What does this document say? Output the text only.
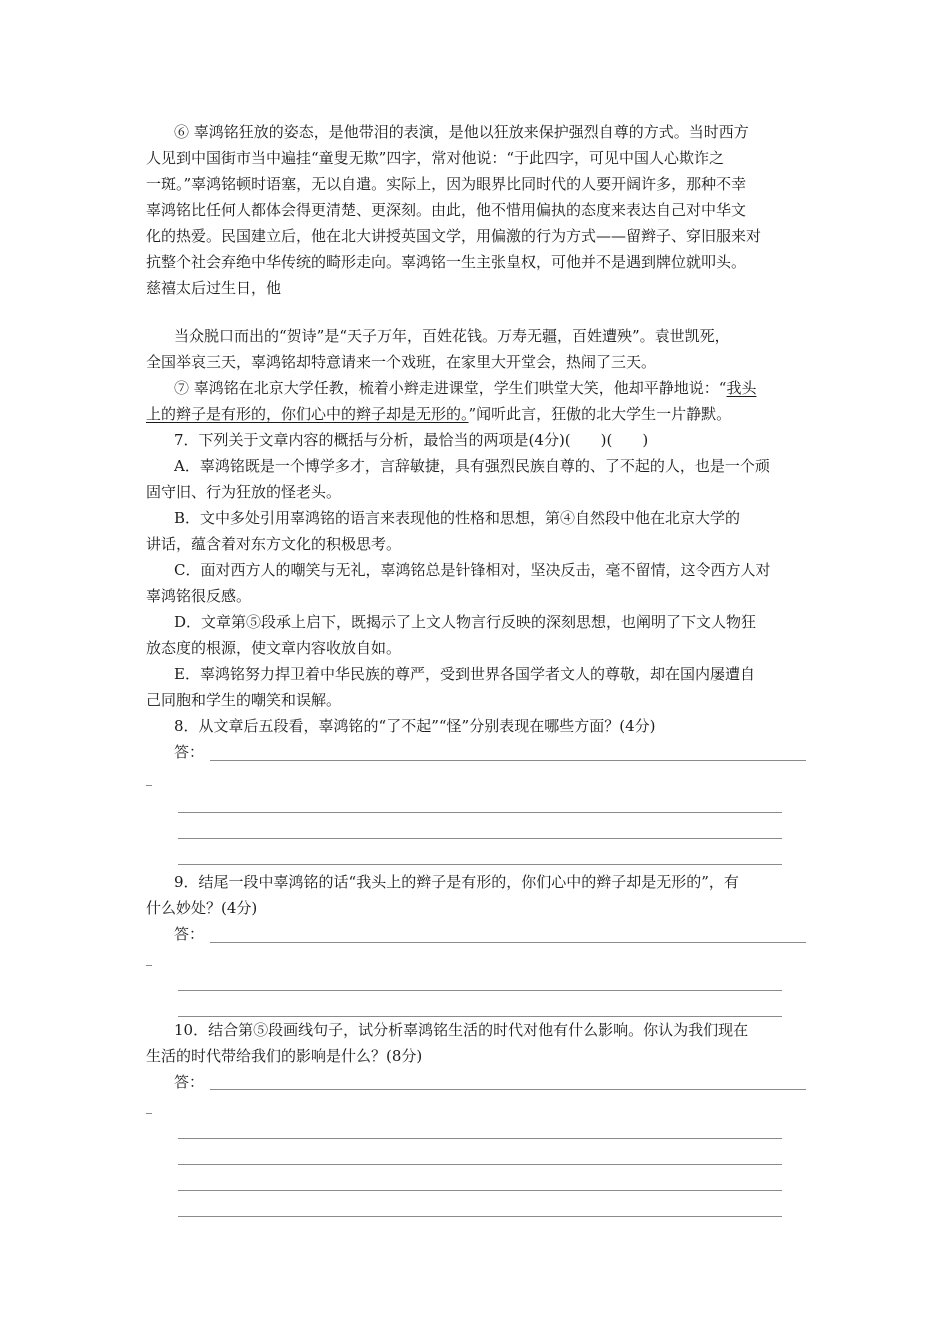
⑥ 辜鸿铭狂放的姿态，是他带泪的表演，是他以狂放来保护强烈自尊的方式。当时西方
人见到中国街市当中遍挂“童叟无欺”四字，常对他说：“于此四字，可见中国人心欺诈之
一斑。”辜鸿铭顿时语塞，无以自遣。实际上，因为眼界比同时代的人要开阔许多，那种不幸
辜鸿铭比任何人都体会得更清楚、更深刻。由此，他不惜用偏执的态度来表达自己对中华文
化的热爱。民国建立后，他在北大讲授英国文学，用偏激的行为方式——留辫子、穿旧服来对
抗整个社会弃绝中华传统的畸形走向。辜鸿铭一生主张皇权，可他并不是遇到牌位就叩头。
慈禧太后过生日，他
当众脱口而出的“贺诗”是“天子万年，百姓花钱。万寿无疆，百姓遭殃”。袁世凯死，
全国举哀三天，辜鸿铭却特意请来一个戏班，在家里大开堂会，热闹了三天。
⑦ 辜鸿铭在北京大学任教，梳着小辫走进课堂，学生们哄堂大笑，他却平静地说：“我头
上的辫子是有形的，你们心中的辫子却是无形的。”闻听此言，狂傲的北大学生一片静默。
7．下列关于文章内容的概括与分析，最恰当的两项是(4分)(　　)(　　)
A．辜鸿铭既是一个博学多才，言辞敏捷，具有强烈民族自尊的、了不起的人，也是一个顽
固守旧、行为狂放的怪老头。
B．文中多处引用辜鸿铭的语言来表现他的性格和思想，第④自然段中他在北京大学的
讲话，蕴含着对东方文化的积极思考。
C．面对西方人的嘲笑与无礼，辜鸿铭总是针锋相对，坚决反击，毫不留情，这令西方人对
辜鸿铭很反感。
D．文章第⑤段承上启下，既揭示了上文人物言行反映的深刻思想，也阐明了下文人物狂
放态度的根源，使文章内容收放自如。
E．辜鸿铭努力捍卫着中华民族的尊严，受到世界各国学者文人的尊敬，却在国内屡遭自
己同胞和学生的嘲笑和误解。
8．从文章后五段看，辜鸿铭的“了不起”“怪”分别表现在哪些方面？(4分)
答：
9．结尾一段中辜鸿铭的话“我头上的辫子是有形的，你们心中的辫子却是无形的”，有
什么妙处？(4分)
答：
10．结合第⑤段画线句子，试分析辜鸿铭生活的时代对他有什么影响。你认为我们现在
生活的时代带给我们的影响是什么？(8分)
答：
